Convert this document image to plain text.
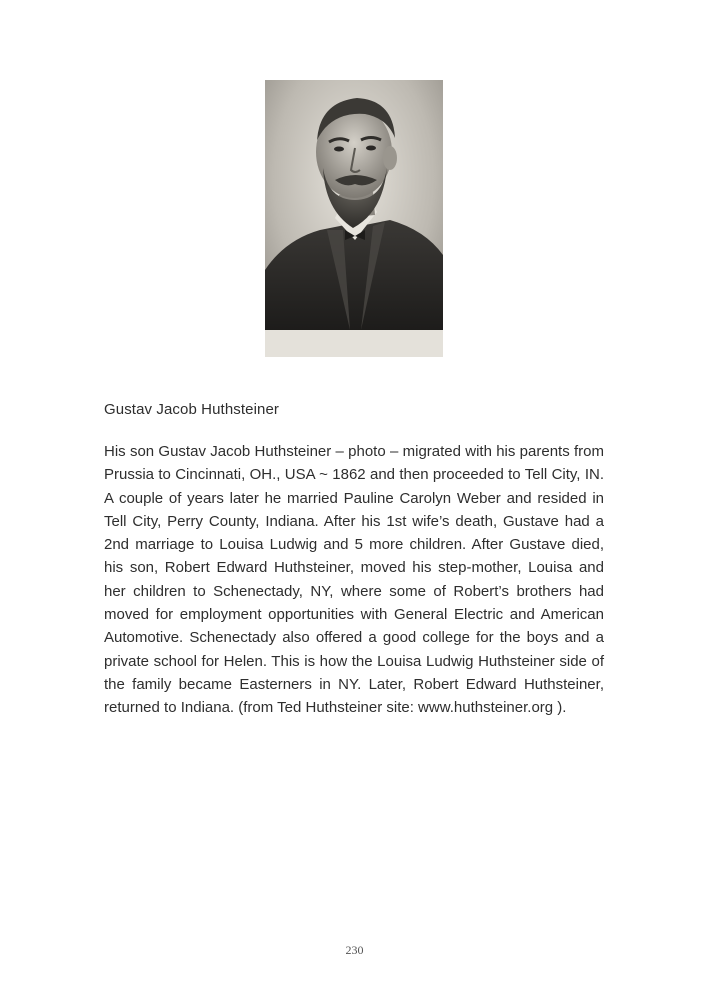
Gustav Jacob Huthsteiner

His son Gustav Jacob Huthsteiner – photo – migrated with his parents from Prussia to Cincinnati, OH., USA ~ 1862 and then proceeded to Tell City, IN. A couple of years later he married Pauline Carolyn Weber and resided in Tell City, Perry County, Indiana. After his 1st wife’s death, Gustave had a 2nd marriage to Louisa Ludwig and 5 more children. After Gustave died, his son, Robert Edward Huthsteiner, moved his step-mother, Louisa and her children to Schenectady, NY, where some of Robert’s brothers had moved for employment opportunities with General Electric and American Automotive. Schenectady also offered a good college for the boys and a private school for Helen. This is how the Louisa Ludwig Huthsteiner side of the family became Easterners in NY. Later, Robert Edward Huthsteiner, returned to Indiana. (from Ted Huthsteiner site: www.huthsteiner.org ).

230
